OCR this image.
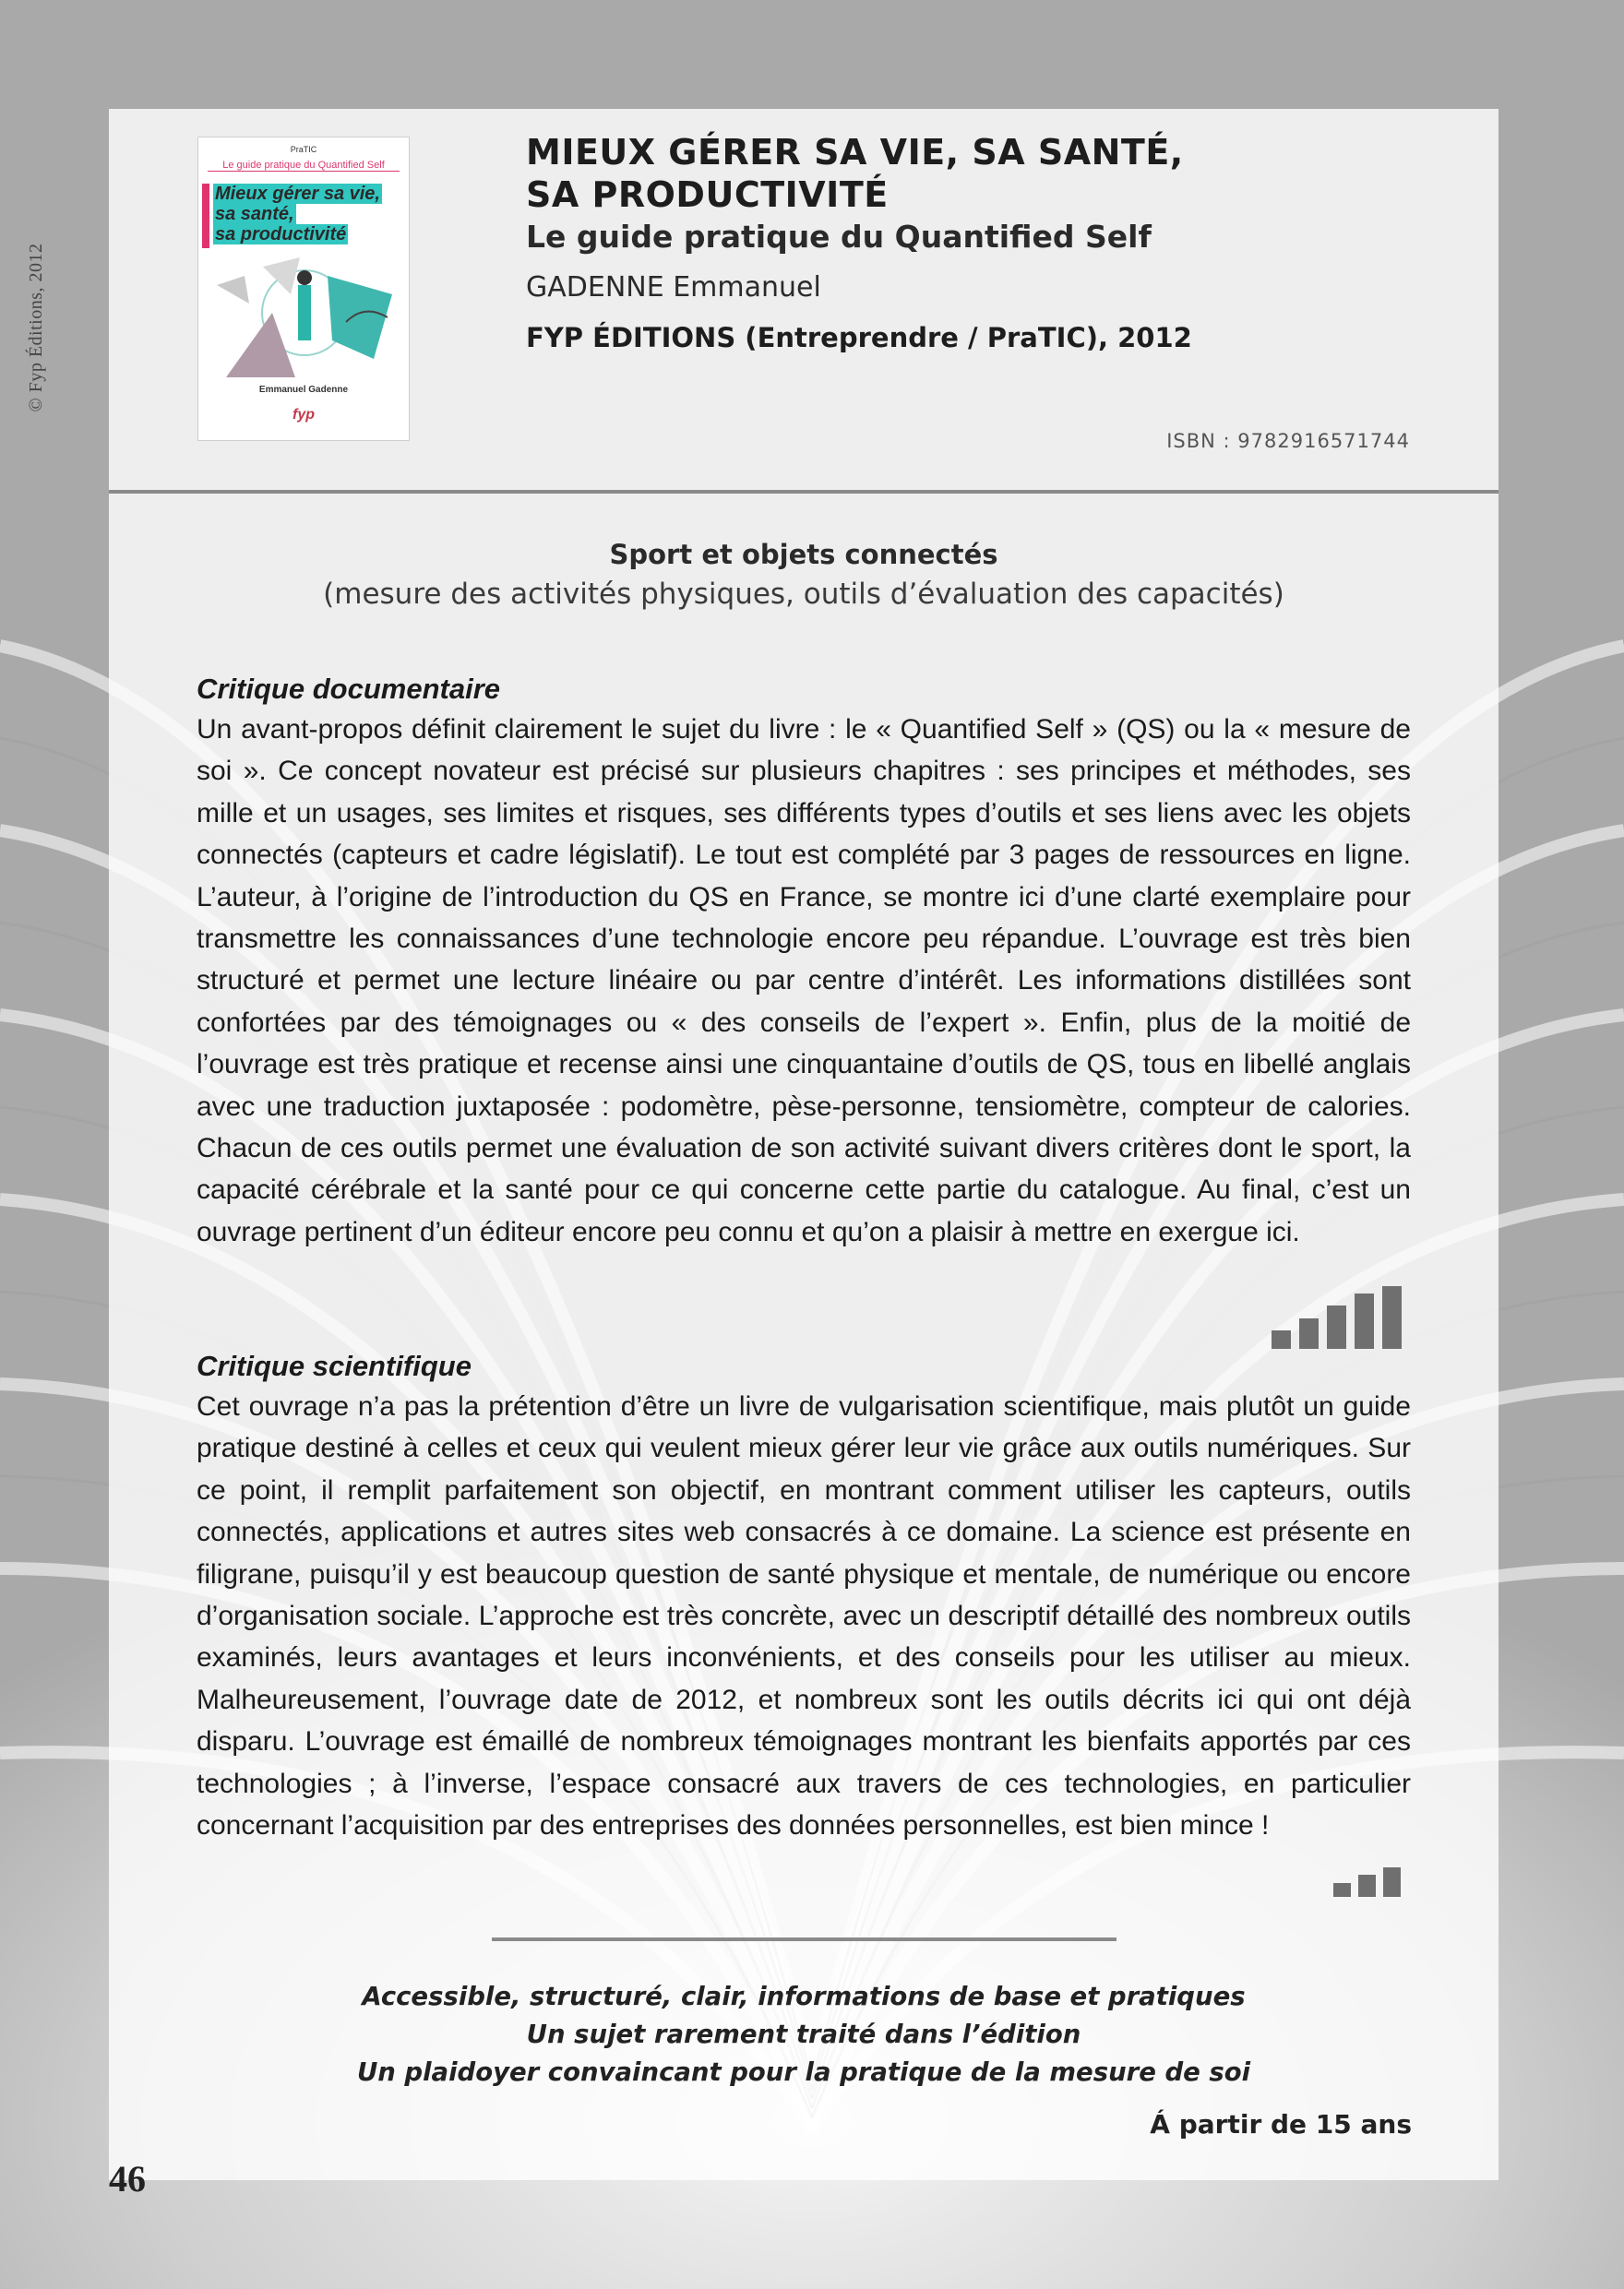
© Fyp Éditions, 2012
PraTIC
Le guide pratique du Quantified Self
Mieux gérer sa vie,
sa santé,
sa productivité
Emmanuel Gadenne
fyp
MIEUX GÉRER SA VIE, SA SANTÉ,
SA PRODUCTIVITÉ
Le guide pratique du Quantified Self
GADENNE Emmanuel
FYP ÉDITIONS (Entreprendre / PraTIC), 2012
ISBN : 9782916571744
Sport et objets connectés
(mesure des activités physiques, outils d’évaluation des capacités)
Critique documentaire

Un avant-propos définit clairement le sujet du livre : le « Quantified Self » (QS) ou la « mesure de soi ». Ce concept novateur est précisé sur plusieurs chapitres : ses principes et méthodes, ses mille et un usages, ses limites et risques, ses différents types d’outils et ses liens avec les objets connectés (capteurs et cadre législatif). Le tout est complété par 3 pages de ressources en ligne. L’auteur, à l’origine de l’introduction du QS en France, se montre ici d’une clarté exemplaire pour transmettre les connaissances d’une technologie encore peu répandue. L’ouvrage est très bien structuré et permet une lecture linéaire ou par centre d’intérêt. Les informations distillées sont confortées par des témoignages ou « des conseils de l’expert ». Enfin, plus de la moitié de l’ouvrage est très pratique et recense ainsi une cinquantaine d’outils de QS, tous en libellé anglais avec une traduction juxtaposée : podomètre, pèse-personne, tensiomètre, compteur de calories. Chacun de ces outils permet une évaluation de son activité suivant divers critères dont le sport, la capacité cérébrale et la santé pour ce qui concerne cette partie du catalogue. Au final, c’est un ouvrage pertinent d’un éditeur encore peu connu et qu’on a plaisir à mettre en exergue ici.

Critique scientifique

Cet ouvrage n’a pas la prétention d’être un livre de vulgarisation scientifique, mais plutôt un guide pratique destiné à celles et ceux qui veulent mieux gérer leur vie grâce aux outils numériques. Sur ce point, il remplit parfaitement son objectif, en montrant comment utiliser les capteurs, outils connectés, applications et autres sites web consacrés à ce domaine. La science est présente en filigrane, puisqu’il y est beaucoup question de santé physique et mentale, de numérique ou encore d’organisation sociale. L’approche est très concrète, avec un descriptif détaillé des nombreux outils examinés, leurs avantages et leurs inconvénients, et des conseils pour les utiliser au mieux. Malheureusement, l’ouvrage date de 2012, et nombreux sont les outils décrits ici qui ont déjà disparu. L’ouvrage est émaillé de nombreux témoignages montrant les bienfaits apportés par ces technologies ; à l’inverse, l’espace consacré aux travers de ces technologies, en particulier concernant l’acquisition par des entreprises des données personnelles, est bien mince !

Accessible, structuré, clair, informations de base et pratiques
Un sujet rarement traité dans l’édition
Un plaidoyer convaincant pour la pratique de la mesure de soi
Á partir de 15 ans
46
